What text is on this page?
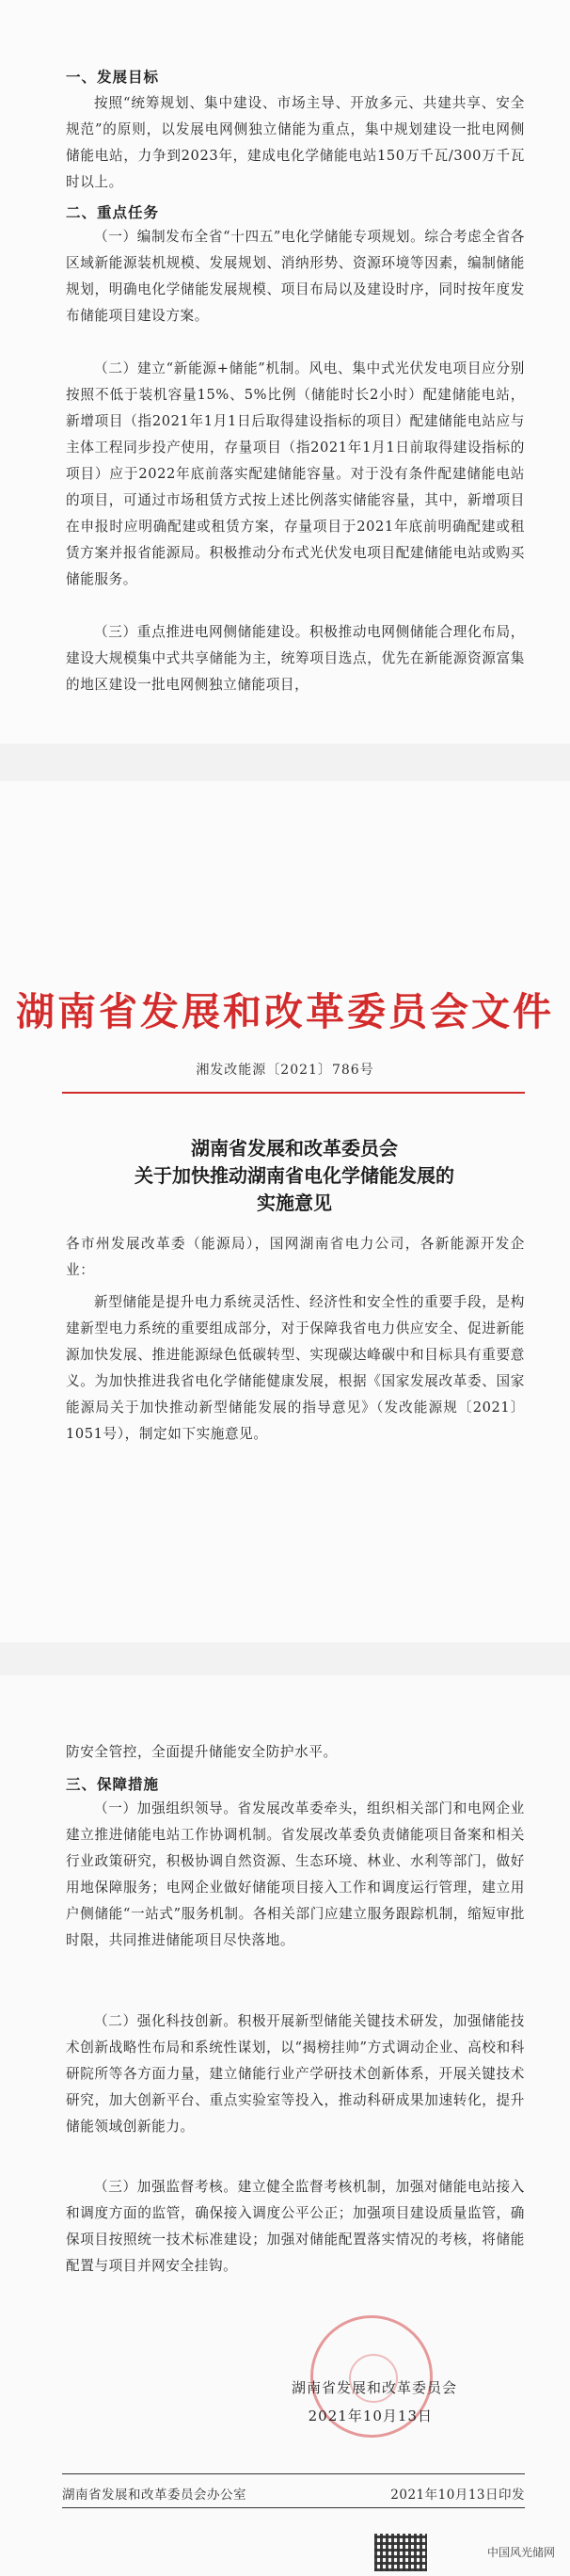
一、发展目标

按照“统筹规划、集中建设、市场主导、开放多元、共建共享、安全规范”的原则，以发展电网侧独立储能为重点，集中规划建设一批电网侧储能电站，力争到2023年，建成电化学储能电站150万千瓦/300万千瓦时以上。

二、重点任务

（一）编制发布全省“十四五”电化学储能专项规划。综合考虑全省各区域新能源装机规模、发展规划、消纳形势、资源环境等因素，编制储能规划，明确电化学储能发展规模、项目布局以及建设时序，同时按年度发布储能项目建设方案。

（二）建立“新能源+储能”机制。风电、集中式光伏发电项目应分别按照不低于装机容量15%、5%比例（储能时长2小时）配建储能电站，新增项目（指2021年1月1日后取得建设指标的项目）配建储能电站应与主体工程同步投产使用，存量项目（指2021年1月1日前取得建设指标的项目）应于2022年底前落实配建储能容量。对于没有条件配建储能电站的项目，可通过市场租赁方式按上述比例落实储能容量，其中，新增项目在申报时应明确配建或租赁方案，存量项目于2021年底前明确配建或租赁方案并报省能源局。积极推动分布式光伏发电项目配建储能电站或购买储能服务。

（三）重点推进电网侧储能建设。积极推动电网侧储能合理化布局，建设大规模集中式共享储能为主，统筹项目选点，优先在新能源资源富集的地区建设一批电网侧独立储能项目，

湖南省发展和改革委员会文件
湘发改能源〔2021〕786号
湖南省发展和改革委员会
关于加快推动湖南省电化学储能发展的
实施意见

各市州发展改革委（能源局），国网湖南省电力公司，各新能源开发企业：

新型储能是提升电力系统灵活性、经济性和安全性的重要手段，是构建新型电力系统的重要组成部分，对于保障我省电力供应安全、促进新能源加快发展、推进能源绿色低碳转型、实现碳达峰碳中和目标具有重要意义。为加快推进我省电化学储能健康发展，根据《国家发展改革委、国家能源局关于加快推动新型储能发展的指导意见》（发改能源规〔2021〕1051号），制定如下实施意见。

防安全管控，全面提升储能安全防护水平。

三、保障措施

（一）加强组织领导。省发展改革委牵头，组织相关部门和电网企业建立推进储能电站工作协调机制。省发展改革委负责储能项目备案和相关行业政策研究，积极协调自然资源、生态环境、林业、水利等部门，做好用地保障服务；电网企业做好储能项目接入工作和调度运行管理，建立用户侧储能“一站式”服务机制。各相关部门应建立服务跟踪机制，缩短审批时限，共同推进储能项目尽快落地。

（二）强化科技创新。积极开展新型储能关键技术研发，加强储能技术创新战略性布局和系统性谋划，以“揭榜挂帅”方式调动企业、高校和科研院所等各方面力量，建立储能行业产学研技术创新体系，开展关键技术研究，加大创新平台、重点实验室等投入，推动科研成果加速转化，提升储能领域创新能力。

（三）加强监督考核。建立健全监督考核机制，加强对储能电站接入和调度方面的监管，确保接入调度公平公正；加强项目建设质量监管，确保项目按照统一技术标准建设；加强对储能配置落实情况的考核，将储能配置与项目并网安全挂钩。

湖南省发展和改革委员会
2021年10月13日
湖南省发展和改革委员会办公室	2021年10月13日印发
中国风光储网
